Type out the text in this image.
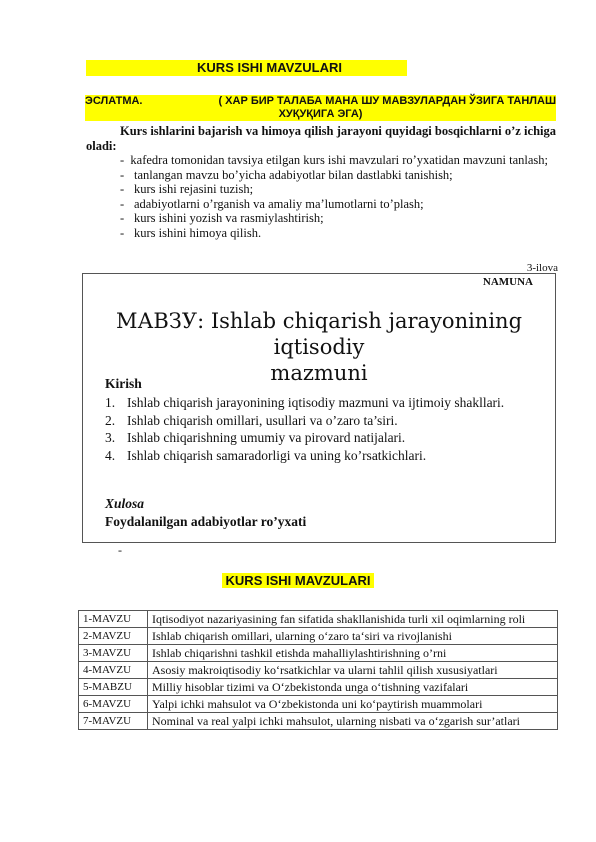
KURS ISHI MAVZULARI
ЭСЛАТМА.	( ХАР БИР ТАЛАБА МАНА ШУ МАВЗУЛАРДАН ЎЗИГА ТАНЛАШ
ХУҚУҚИГА ЭГА)
Kurs ishlarini bajarish va himoya qilish jarayoni quyidagi bosqichlarni o’z ichiga oladi:
-  kafedra tomonidan tavsiya etilgan kurs ishi mavzulari ro’yxatidan mavzuni tanlash;
- tanlangan mavzu bo’yicha adabiyotlar bilan dastlabki tanishish;
- kurs ishi rejasini tuzish;
- adabiyotlarni o’rganish va amaliy ma’lumotlarni to’plash;
- kurs ishini yozish va rasmiylashtirish;
- kurs ishini himoya qilish.
3-ilova
NAMUNA
МАВЗУ: Ishlab chiqarish jarayonining iqtisodiy
mazmuni
Kirish
1. Ishlab chiqarish jarayonining iqtisodiy mazmuni va ijtimoiy shakllari.
2. Ishlab chiqarish omillari, usullari va o’zaro ta’siri.
3. Ishlab chiqarishning umumiy va pirovard natijalari.
4. Ishlab chiqarish samaradorligi va uning ko’rsatkichlari.
Xulosa
Foydalanilgan adabiyotlar ro’yxati
-
KURS ISHI MAVZULARI
1-MAVZU	Iqtisodiyot nazariyasining fan sifatida shakllanishida turli xil oqimlarning roli
2-MAVZU	Ishlab chiqarish omillari, ularning o‘zaro ta‘siri va rivojlanishi
3-MAVZU	Ishlab chiqarishni tashkil etishda mahalliylashtirishning o’rni
4-MAVZU	Asosiy makroiqtisodiy ko‘rsatkichlar va ularni tahlil qilish xususiyatlari
5-MABZU	Milliy hisoblar tizimi va O‘zbekistonda unga o‘tishning vazifalari
6-MAVZU	Yalpi ichki mahsulot va O‘zbekistonda uni ko‘paytirish muammolari
7-MAVZU	Nominal va real yalpi ichki mahsulot, ularning nisbati va o‘zgarish sur’atlari
